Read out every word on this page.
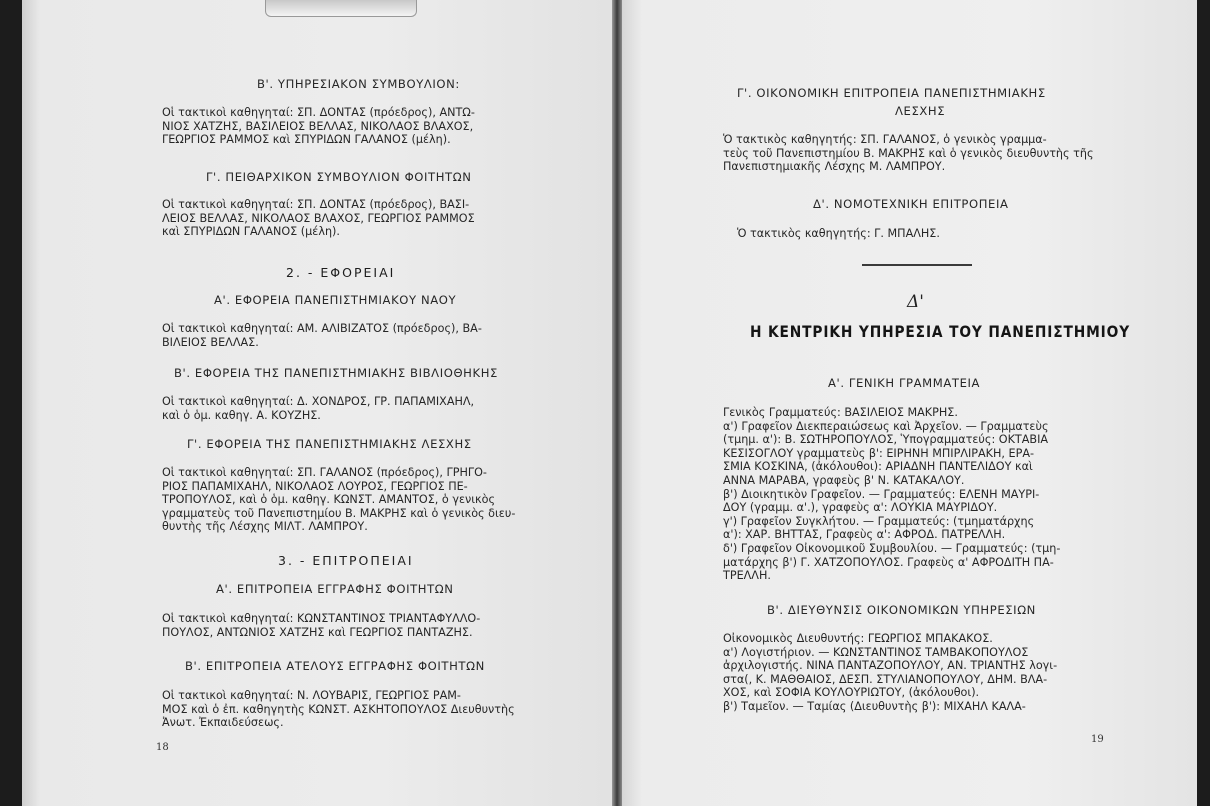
Β'. ΥΠΗΡΕΣΙΑΚΟΝ ΣΥΜΒΟΥΛΙΟΝ:
Οἱ τακτικοὶ καθηγηταί: ΣΠ. ΔΟΝΤΑΣ (πρόεδρος), ΑΝΤΩ-
ΝΙΟΣ ΧΑΤΖΗΣ, ΒΑΣΙΛΕΙΟΣ ΒΕΛΛΑΣ, ΝΙΚΟΛΑΟΣ ΒΛΑΧΟΣ,
ΓΕΩΡΓΙΟΣ ΡΑΜΜΟΣ καὶ ΣΠΥΡΙΔΩΝ ΓΑΛΑΝΟΣ (μέλη).
Γ'. ΠΕΙΘΑΡΧΙΚΟΝ ΣΥΜΒΟΥΛΙΟΝ ΦΟΙΤΗΤΩΝ
Οἱ τακτικοὶ καθηγηταί: ΣΠ. ΔΟΝΤΑΣ (πρόεδρος), ΒΑΣΙ-
ΛΕΙΟΣ ΒΕΛΛΑΣ, ΝΙΚΟΛΑΟΣ ΒΛΑΧΟΣ, ΓΕΩΡΓΙΟΣ ΡΑΜΜΟΣ
καὶ ΣΠΥΡΙΔΩΝ ΓΑΛΑΝΟΣ (μέλη).
2. - ΕΦΟΡΕΙΑΙ
Α'. ΕΦΟΡΕΙΑ ΠΑΝΕΠΙΣΤΗΜΙΑΚΟΥ ΝΑΟΥ
Οἱ τακτικοὶ καθηγηταί: ΑΜ. ΑΛΙΒΙΖΑΤΟΣ (πρόεδρος), ΒΑ-
ΒΙΛΕΙΟΣ ΒΕΛΛΑΣ.
Β'. ΕΦΟΡΕΙΑ ΤΗΣ ΠΑΝΕΠΙΣΤΗΜΙΑΚΗΣ ΒΙΒΛΙΟΘΗΚΗΣ
Οἱ τακτικοὶ καθηγηταί: Δ. ΧΟΝΔΡΟΣ, ΓΡ. ΠΑΠΑΜΙΧΑΗΛ,
καὶ ὁ ὁμ. καθηγ. Α. ΚΟΥΖΗΣ.
Γ'. ΕΦΟΡΕΙΑ ΤΗΣ ΠΑΝΕΠΙΣΤΗΜΙΑΚΗΣ ΛΕΣΧΗΣ
Οἱ τακτικοὶ καθηγηταί: ΣΠ. ΓΑΛΑΝΟΣ (πρόεδρος), ΓΡΗΓΟ-
ΡΙΟΣ ΠΑΠΑΜΙΧΑΗΛ, ΝΙΚΟΛΑΟΣ ΛΟΥΡΟΣ, ΓΕΩΡΓΙΟΣ ΠΕ-
ΤΡΟΠΟΥΛΟΣ, καὶ ὁ ὁμ. καθηγ. ΚΩΝΣΤ. ΑΜΑΝΤΟΣ, ὁ γενικὸς
γραμματεὺς τοῦ Πανεπιστημίου Β. ΜΑΚΡΗΣ καὶ ὁ γενικὸς διευ-
θυντὴς τῆς Λέσχης ΜΙΛΤ. ΛΑΜΠΡΟΥ.
3. - ΕΠΙΤΡΟΠΕΙΑΙ
Α'. ΕΠΙΤΡΟΠΕΙΑ ΕΓΓΡΑΦΗΣ ΦΟΙΤΗΤΩΝ
Οἱ τακτικοὶ καθηγηταί: ΚΩΝΣΤΑΝΤΙΝΟΣ ΤΡΙΑΝΤΑΦΥΛΛΟ-
ΠΟΥΛΟΣ, ΑΝΤΩΝΙΟΣ ΧΑΤΖΗΣ καὶ ΓΕΩΡΓΙΟΣ ΠΑΝΤΑΖΗΣ.
Β'. ΕΠΙΤΡΟΠΕΙΑ ΑΤΕΛΟΥΣ ΕΓΓΡΑΦΗΣ ΦΟΙΤΗΤΩΝ
Οἱ τακτικοὶ καθηγηταί: Ν. ΛΟΥΒΑΡΙΣ, ΓΕΩΡΓΙΟΣ ΡΑΜ-
ΜΟΣ καὶ ὁ ἐπ. καθηγητὴς ΚΩΝΣΤ. ΑΣΚΗΤΟΠΟΥΛΟΣ Διευθυντὴς
Ἀνωτ. Ἐκπαιδεύσεως.
18
Γ'. ΟΙΚΟΝΟΜΙΚΗ ΕΠΙΤΡΟΠΕΙΑ ΠΑΝΕΠΙΣΤΗΜΙΑΚΗΣ
ΛΕΣΧΗΣ
Ὁ τακτικὸς καθηγητής: ΣΠ. ΓΑΛΑΝΟΣ, ὁ γενικὸς γραμμα-
τεὺς τοῦ Πανεπιστημίου Β. ΜΑΚΡΗΣ καὶ ὁ γενικὸς διευθυντὴς τῆς
Πανεπιστημιακῆς Λέσχης Μ. ΛΑΜΠΡΟΥ.
Δ'. ΝΟΜΟΤΕΧΝΙΚΗ ΕΠΙΤΡΟΠΕΙΑ
Ὁ τακτικὸς καθηγητής: Γ. ΜΠΑΛΗΣ.
Δ'
Η ΚΕΝΤΡΙΚΗ ΥΠΗΡΕΣΙΑ ΤΟΥ ΠΑΝΕΠΙΣΤΗΜΙΟΥ
Α'. ΓΕΝΙΚΗ ΓΡΑΜΜΑΤΕΙΑ
Γενικὸς Γραμματεύς: ΒΑΣΙΛΕΙΟΣ ΜΑΚΡΗΣ.
α') Γραφεῖον Διεκπεραιώσεως καὶ Ἀρχεῖον. — Γραμματεὺς
(τμημ. α'): Β. ΣΩΤΗΡΟΠΟΥΛΟΣ, Ὑπογραμματεύς: ΟΚΤΑΒΙΑ
ΚΕΣΙΣΟΓΛΟΥ γραμματεὺς β': ΕΙΡΗΝΗ ΜΠΙΡΛΙΡΑΚΗ, ΕΡΑ-
ΣΜΙΑ ΚΟΣΚΙΝΑ, (ἀκόλουθοι): ΑΡΙΑΔΝΗ ΠΑΝΤΕΛΙΔΟΥ καὶ
ΑΝΝΑ ΜΑΡΑΒΑ, γραφεὺς β' Ν. ΚΑΤΑΚΑΛΟΥ.
β') Διοικητικὸν Γραφεῖον. — Γραμματεύς: ΕΛΕΝΗ ΜΑΥΡΙ-
ΔΟΥ (γραμμ. α'.), γραφεὺς α': ΛΟΥΚΙΑ ΜΑΥΡΙΔΟΥ.
γ') Γραφεῖον Συγκλήτου. — Γραμματεύς: (τμηματάρχης
α'): ΧΑΡ. ΒΗΤΤΑΣ, Γραφεὺς α': ΑΦΡΟΔ. ΠΑΤΡΕΛΛΗ.
δ') Γραφεῖον Οἰκονομικοῦ Συμβουλίου. — Γραμματεύς: (τμη-
ματάρχης β') Γ. ΧΑΤΖΟΠΟΥΛΟΣ. Γραφεὺς α' ΑΦΡΟΔΙΤΗ ΠΑ-
ΤΡΕΛΛΗ.
Β'. ΔΙΕΥΘΥΝΣΙΣ ΟΙΚΟΝΟΜΙΚΩΝ ΥΠΗΡΕΣΙΩΝ
Οἰκονομικὸς Διευθυντής: ΓΕΩΡΓΙΟΣ ΜΠΑΚΑΚΟΣ.
α') Λογιστήριον. — ΚΩΝΣΤΑΝΤΙΝΟΣ ΤΑΜΒΑΚΟΠΟΥΛΟΣ
ἀρχιλογιστής. ΝΙΝΑ ΠΑΝΤΑΖΟΠΟΥΛΟΥ, ΑΝ. ΤΡΙΑΝΤΗΣ λογι-
στα(, Κ. ΜΑΘΘΑΙΟΣ, ΔΕΣΠ. ΣΤΥΛΙΑΝΟΠΟΥΛΟΥ, ΔΗΜ. ΒΛΑ-
ΧΟΣ, καὶ ΣΟΦΙΑ ΚΟΥΛΟΥΡΙΩΤΟΥ, (ἀκόλουθοι).
β') Ταμεῖον. — Ταμίας (Διευθυντὴς β'): ΜΙΧΑΗΛ ΚΑΛΑ-
19
